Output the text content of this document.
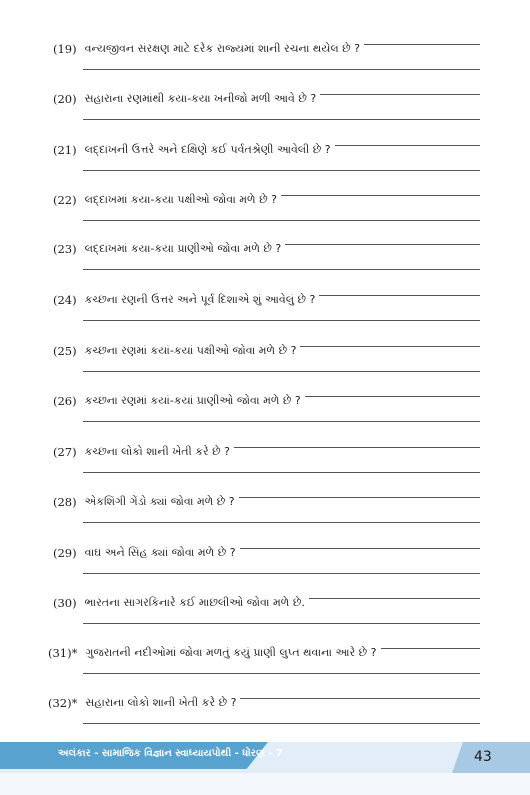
(19) વન્યજીવન સંરક્ષણ માટે દરેક રાજ્યમાં શાની રચના થયેલ છે ?
(20) સહારાના રણમાંથી કયા-કયા ખનીજો મળી આવે છે ?
(21) લદ્દાખની ઉત્તરે અને દક્ષિણે કઈ પર્વતશ્રેણી આવેલી છે ?
(22) લદ્દાખમાં કયા-કયા પક્ષીઓ જોવા મળે છે ?
(23) લદ્દાખમાં કયા-કયા પ્રાણીઓ જોવા મળે છે ?
(24) કચ્છના રણની ઉત્તર અને પૂર્વ દિશાએ શું આવેલું છે ?
(25) કચ્છના રણમાં કયાં-કયાં પક્ષીઓ જોવા મળે છે ?
(26) કચ્છના રણમાં કયાં-કયાં પ્રાણીઓ જોવા મળે છે ?
(27) કચ્છના લોકો શાની ખેતી કરે છે ?
(28) એકશિંગી ગેંડો ક્યાં જોવા મળે છે ?
(29) વાઘ અને સિંહ ક્યાં જોવા મળે છે ?
(30) ભારતના સાગરકિનારે કઈ માછલીઓ જોવા મળે છે.
(31)* ગુજરાતની નદીઓમાં જોવા મળતું કયું પ્રાણી લુપ્ત થવાના આરે છે ?
(32)* સહારાના લોકો શાની ખેતી કરે છે ?
અલંકાર - સામાજિક વિજ્ઞાન સ્વાધ્યાયપોથી - ધોરણ - 7	43
